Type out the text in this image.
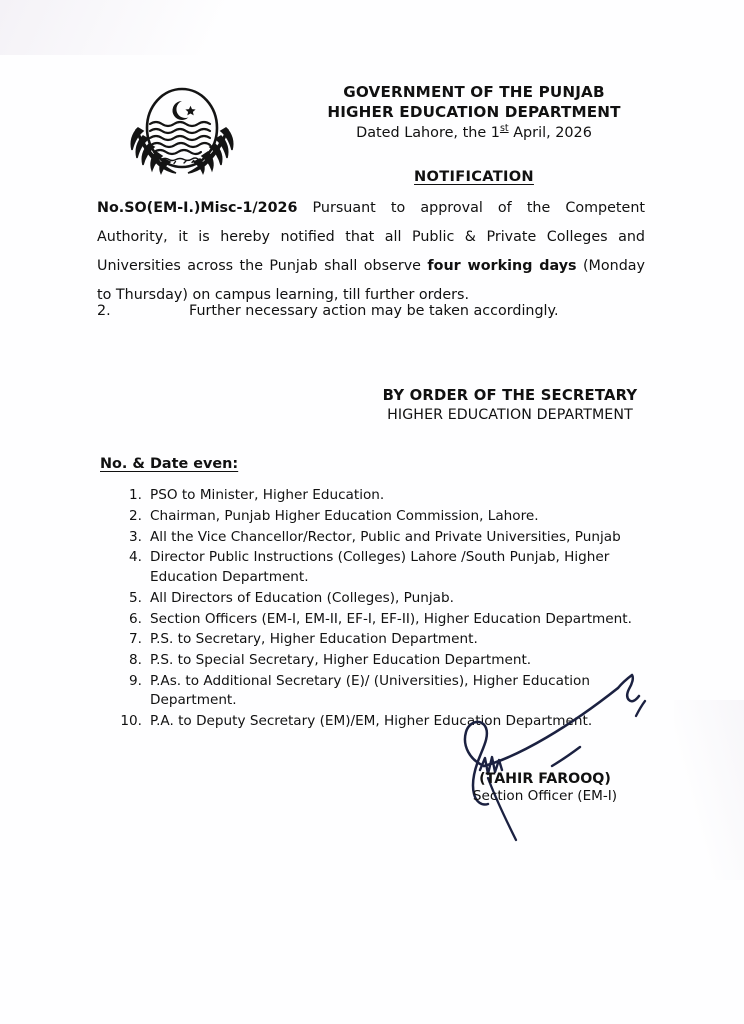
GOVERNMENT OF THE PUNJAB
HIGHER EDUCATION DEPARTMENT
Dated Lahore, the 1st April, 2026
NOTIFICATION
No.SO(EM-I.)Misc-1/2026 Pursuant to approval of the Competent Authority, it is hereby notified that all Public & Private Colleges and Universities across the Punjab shall observe four working days (Monday to Thursday) on campus learning, till further orders.
2.	Further necessary action may be taken accordingly.
BY ORDER OF THE SECRETARY
HIGHER EDUCATION DEPARTMENT
No. & Date even:
1. PSO to Minister, Higher Education.
2. Chairman, Punjab Higher Education Commission, Lahore.
3. All the Vice Chancellor/Rector, Public and Private Universities, Punjab
4. Director Public Instructions (Colleges) Lahore /South Punjab, Higher Education Department.
5. All Directors of Education (Colleges), Punjab.
6. Section Officers (EM-I, EM-II, EF-I, EF-II), Higher Education Department.
7. P.S. to Secretary, Higher Education Department.
8. P.S. to Special Secretary, Higher Education Department.
9. P.As. to Additional Secretary (E)/ (Universities), Higher Education Department.
10. P.A. to Deputy Secretary (EM)/EM, Higher Education Department.
(TAHIR FAROOQ)
Section Officer (EM-I)
